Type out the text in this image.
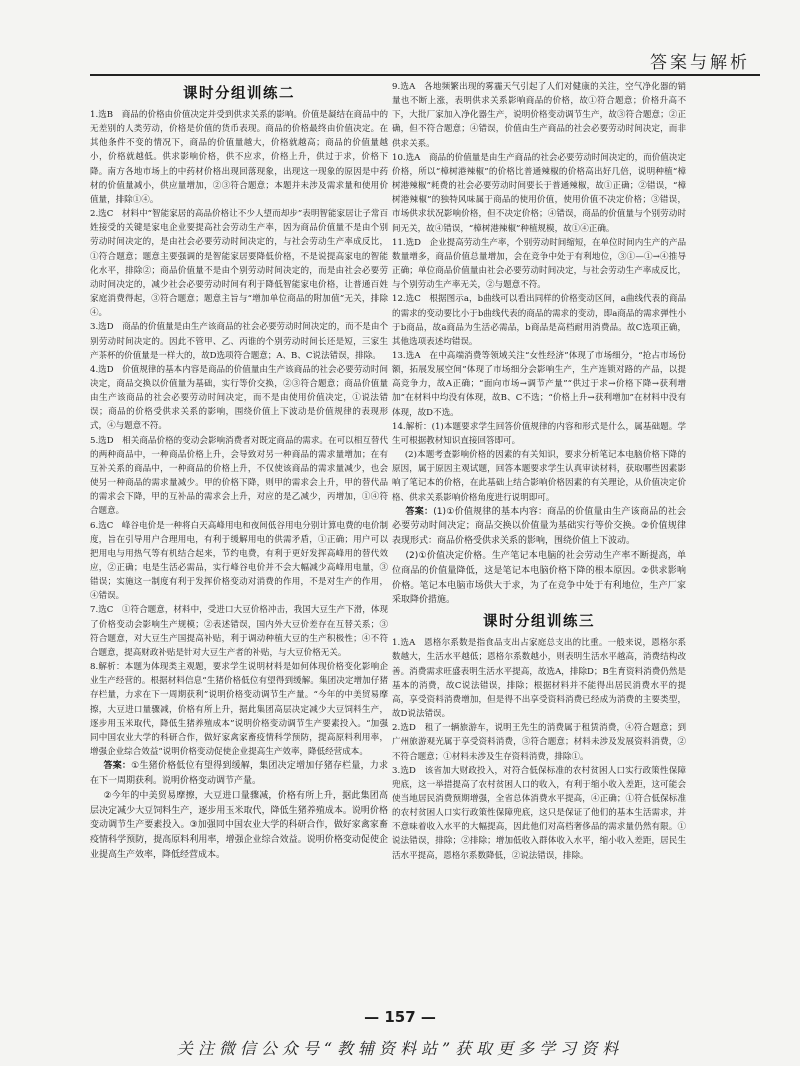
答案与解析
课时分组训练二

1.选B　商品的价格由价值决定并受到供求关系的影响。价值是凝结在商品中的无差别的人类劳动，价格是价值的货币表现。商品的价格最终由价值决定。在其他条件不变的情况下，商品的价值量越大，价格就越高；商品的价值量越小，价格就越低。供求影响价格，供不应求，价格上升，供过于求，价格下降。南方各地市场上的中药材价格出现回落现象，出现这一现象的原因是中药材的价值量减小，供应量增加，②③符合题意；本题并未涉及需求量和使用价值量，排除①④。

2.选C　材料中“智能家居的高品价格让不少人望而却步”表明智能家居让子常百姓接受的关键是家电企业要提高社会劳动生产率，因为商品价值量不是由个别劳动时间决定的，是由社会必要劳动时间决定的，与社会劳动生产率成反比，①符合题意；题意主要强调的是智能家居要降低价格，不是说提高家电的智能化水平，排除②；商品价值量不是由个别劳动时间决定的，而是由社会必要劳动时间决定的，减少社会必要劳动时间有利于降低智能家电价格，让普通百姓家庭消费得起，③符合题意；题意主旨与“增加单位商品的附加值”无关，排除④。

3.选D　商品的价值量是由生产该商品的社会必要劳动时间决定的，而不是由个别劳动时间决定的。因此不管甲、乙、丙谁的个别劳动时间长还是短，三家生产茶杯的价值量是一样大的，故D选项符合题意；A、B、C说法错误，排除。

4.选D　价值规律的基本内容是商品的价值量由生产该商品的社会必要劳动时间决定，商品交换以价值量为基础，实行等价交换，②③符合题意；商品价值量由生产该商品的社会必要劳动时间决定，而不是由使用价值决定，①说法错误；商品的价格受供求关系的影响，围绕价值上下波动是价值规律的表现形式，④与题意不符。

5.选D　相关商品价格的变动会影响消费者对既定商品的需求。在可以相互替代的两种商品中，一种商品价格上升，会导致对另一种商品的需求量增加；在有互补关系的商品中，一种商品的价格上升，不仅使该商品的需求量减少，也会使另一种商品的需求量减少。甲的价格下降，则甲的需求会上升，甲的替代品的需求会下降，甲的互补品的需求会上升，对应的是乙减少，丙增加，①④符合题意。

6.选C　峰谷电价是一种将白天高峰用电和夜间低谷用电分别计算电费的电价制度，旨在引导用户合理用电，有利于缓解用电的供需矛盾，①正确；用户可以把用电与用热气等有机结合起来，节约电费，有利于更好发挥高峰用的替代效应，②正确；电是生活必需品，实行峰谷电价并不会大幅减少高峰用电量，③错误；实施这一制度有利于发挥价格变动对消费的作用，不是对生产的作用，④错误。

7.选C　①符合题意，材料中，受进口大豆价格冲击，我国大豆生产下滑，体现了价格变动会影响生产规模；②表述错误，国内外大豆价差存在互替关系；③符合题意，对大豆生产国提高补贴，利于调动种植大豆的生产积极性；④不符合题意，提高财政补贴是针对大豆生产者的补贴，与大豆价格无关。

8.解析：本题为体现类主观题，要求学生说明材料是如何体现价格变化影响企业生产经营的。根据材料信息“生猪价格低位有望得到缓解。集团决定增加仔猪存栏量，力求在下一周期获利”说明价格变动调节生产量。“今年的中美贸易摩擦，大豆进口量骤减，价格有所上升，据此集团高层决定减少大豆饲料生产，逐步用玉米取代，降低生猪养殖成本”说明价格变动调节生产要素投入。“加强同中国农业大学的科研合作，做好家禽家畜疫情科学预防，提高原料利用率，增强企业综合效益”说明价格变动促使企业提高生产效率，降低经营成本。

答案：①生猪价格低位有望得到缓解，集团决定增加仔猪存栏量，力求在下一周期获利。说明价格变动调节产量。

②今年的中美贸易摩擦，大豆进口量骤减，价格有所上升，据此集团高层决定减少大豆饲料生产，逐步用玉米取代，降低生猪养殖成本。说明价格变动调节生产要素投入。③加强同中国农业大学的科研合作，做好家禽家畜疫情科学预防，提高原料利用率，增强企业综合效益。说明价格变动促使企业提高生产效率，降低经营成本。

9.选A　各地频繁出现的雾霾天气引起了人们对健康的关注，空气净化器的销量也不断上涨，表明供求关系影响商品的价格，故①符合题意；价格升高不下，大批厂家加入净化器生产，说明价格变动调节生产，故③符合题意；②正确，但不符合题意；④错误，价值由生产商品的社会必要劳动时间决定，而非供求关系。

10.选A　商品的价值量是由生产商品的社会必要劳动时间决定的，而价值决定价格，所以“樟树港辣椒”的价格比普通辣椒的价格高出好几倍，说明种植“樟树港辣椒”耗费的社会必要劳动时间要长于普通辣椒，故①正确；②错误，“樟树港辣椒”的独特风味属于商品的使用价值，使用价值不决定价格；③错误，市场供求状况影响价格，但不决定价格；④错误，商品的价值量与个别劳动时间无关，故④错误，“樟树港辣椒”种植规模，故①④正确。

11.选D　企业提高劳动生产率，个别劳动时间缩短，在单位时间内生产的产品数量增多，商品价值总量增加，会在竞争中处于有利地位，③①—①→④推导正确；单位商品价值量由社会必要劳动时间决定，与社会劳动生产率成反比，与个别劳动生产率无关，②与题意不符。

12.选C　根据图示a，b曲线可以看出同样的价格变动区间，a曲线代表的商品的需求的变动要比小于b曲线代表的商品的需求的变动，即a商品的需求弹性小于b商品，故a商品为生活必需品，b商品是高档耐用消费品。故C选项正确，其他选项表述均错误。

13.选A　在中高端消费等领域关注“女性经济”体现了市场细分，“抢占市场份额，拓展发展空间”体现了市场细分会影响生产，生产连锁对路的产品，以提高竞争力，故A正确；“面向市场→调节产量”“供过于求→价格下降→获利增加”在材料中均没有体现，故B、C不选；“价格上升→获利增加”在材料中没有体现，故D不选。

14.解析：(1)本题要求学生回答价值规律的内容和形式是什么，属基础题。学生可根据教材知识直接回答即可。

(2)本题考查影响价格的因素的有关知识，要求分析笔记本电脑价格下降的原因，属于原因主观试题，回答本题要求学生认真审读材料，获取哪些因素影响了笔记本的价格，在此基础上结合影响价格因素的有关理论，从价值决定价格、供求关系影响价格角度进行说明即可。

答案：(1)①价值规律的基本内容：商品的价值量由生产该商品的社会必要劳动时间决定；商品交换以价值量为基础实行等价交换。②价值规律表现形式：商品价格受供求关系的影响，围绕价值上下波动。

(2)①价值决定价格。生产笔记本电脑的社会劳动生产率不断提高，单位商品的价值量降低，这是笔记本电脑价格下降的根本原因。②供求影响价格。笔记本电脑市场供大于求，为了在竞争中处于有利地位，生产厂家采取降价措施。

课时分组训练三

1.选A　恩格尔系数是指食品支出占家庭总支出的比重。一般来说，恩格尔系数越大，生活水平越低；恩格尔系数越小，则表明生活水平越高，消费结构改善。消费需求旺盛表明生活水平提高，故选A，排除D；B生育资料消费仍然是基本的消费，故C说法错误，排除；根据材料并不能得出居民消费水平的提高，享受资料消费增加，但是得不出享受资料消费已经成为消费的主要类型，故D说法错误。

2.选D　租了一辆旅游车，说明王先生的消费属于租赁消费，④符合题意；到广州旅游观光属于享受资料消费，③符合题意；材料未涉及发展资料消费，②不符合题意；①材料未涉及生存资料消费，排除①。

3.选D　该省加大财政投入，对符合低保标准的农村贫困人口实行政策性保障兜底，这一举措提高了农村贫困人口的收入，有利于缩小收入差距，这可能会使当地居民消费预期增强，全省总体消费水平提高，④正确；①符合低保标准的农村贫困人口实行政策性保障兜底，这只是保证了他们的基本生活需求，并不意味着收入水平的大幅提高，因此他们对高档奢侈品的需求量仍然有限。①说法错误，排除；②排除；增加低收入群体收入水平，缩小收入差距，居民生活水平提高，恩格尔系数降低，②说法错误，排除。

— 157 —
关注微信公众号“教辅资料站”获取更多学习资料
